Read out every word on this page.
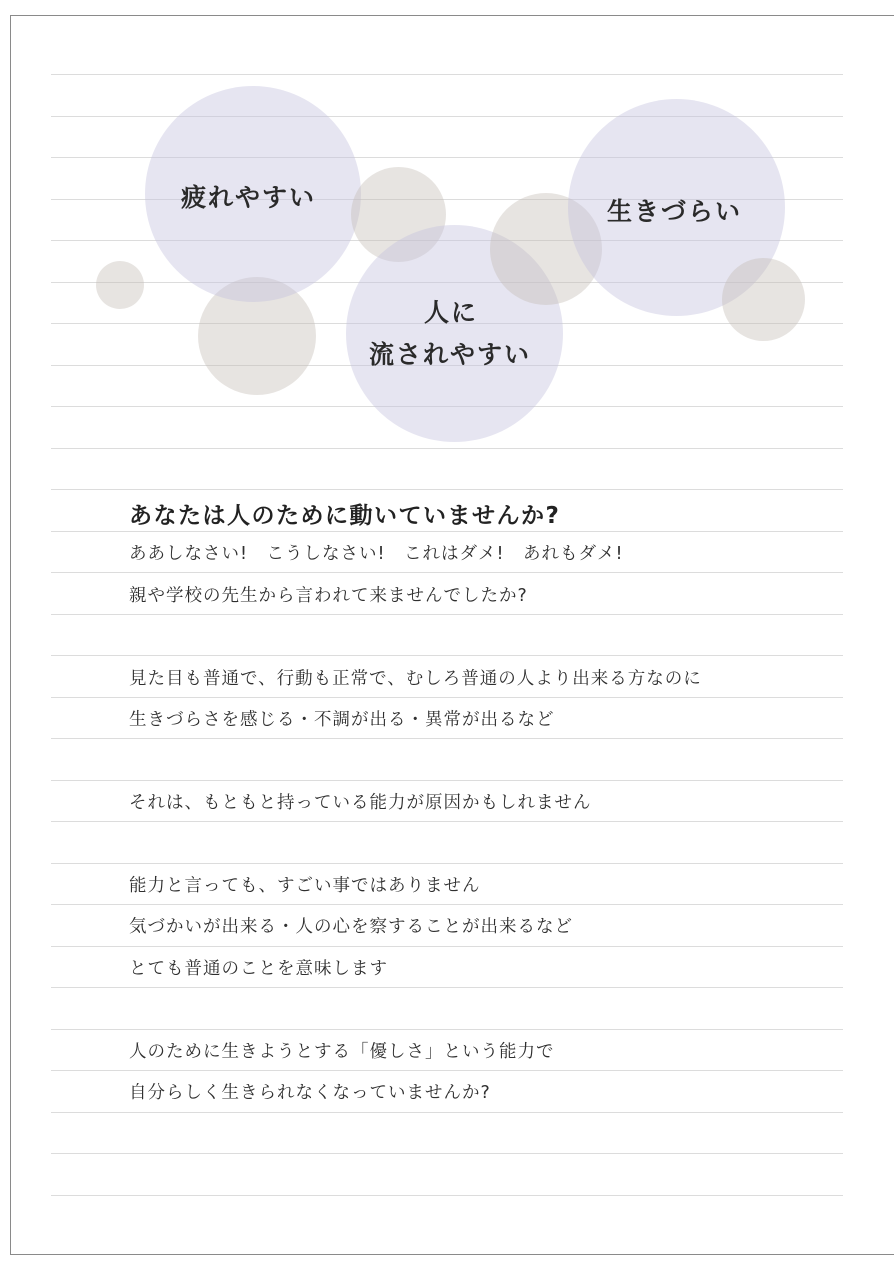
疲れやすい	生きづらい
人に
流されやすい
あなたは人のために動いていませんか?
ああしなさい!　こうしなさい!　これはダメ!　あれもダメ!
親や学校の先生から言われて来ませんでしたか?
見た目も普通で、行動も正常で、むしろ普通の人より出来る方なのに
生きづらさを感じる・不調が出る・異常が出るなど
それは、もともと持っている能力が原因かもしれません
能力と言っても、すごい事ではありません
気づかいが出来る・人の心を察することが出来るなど
とても普通のことを意味します
人のために生きようとする「優しさ」という能力で
自分らしく生きられなくなっていませんか?
